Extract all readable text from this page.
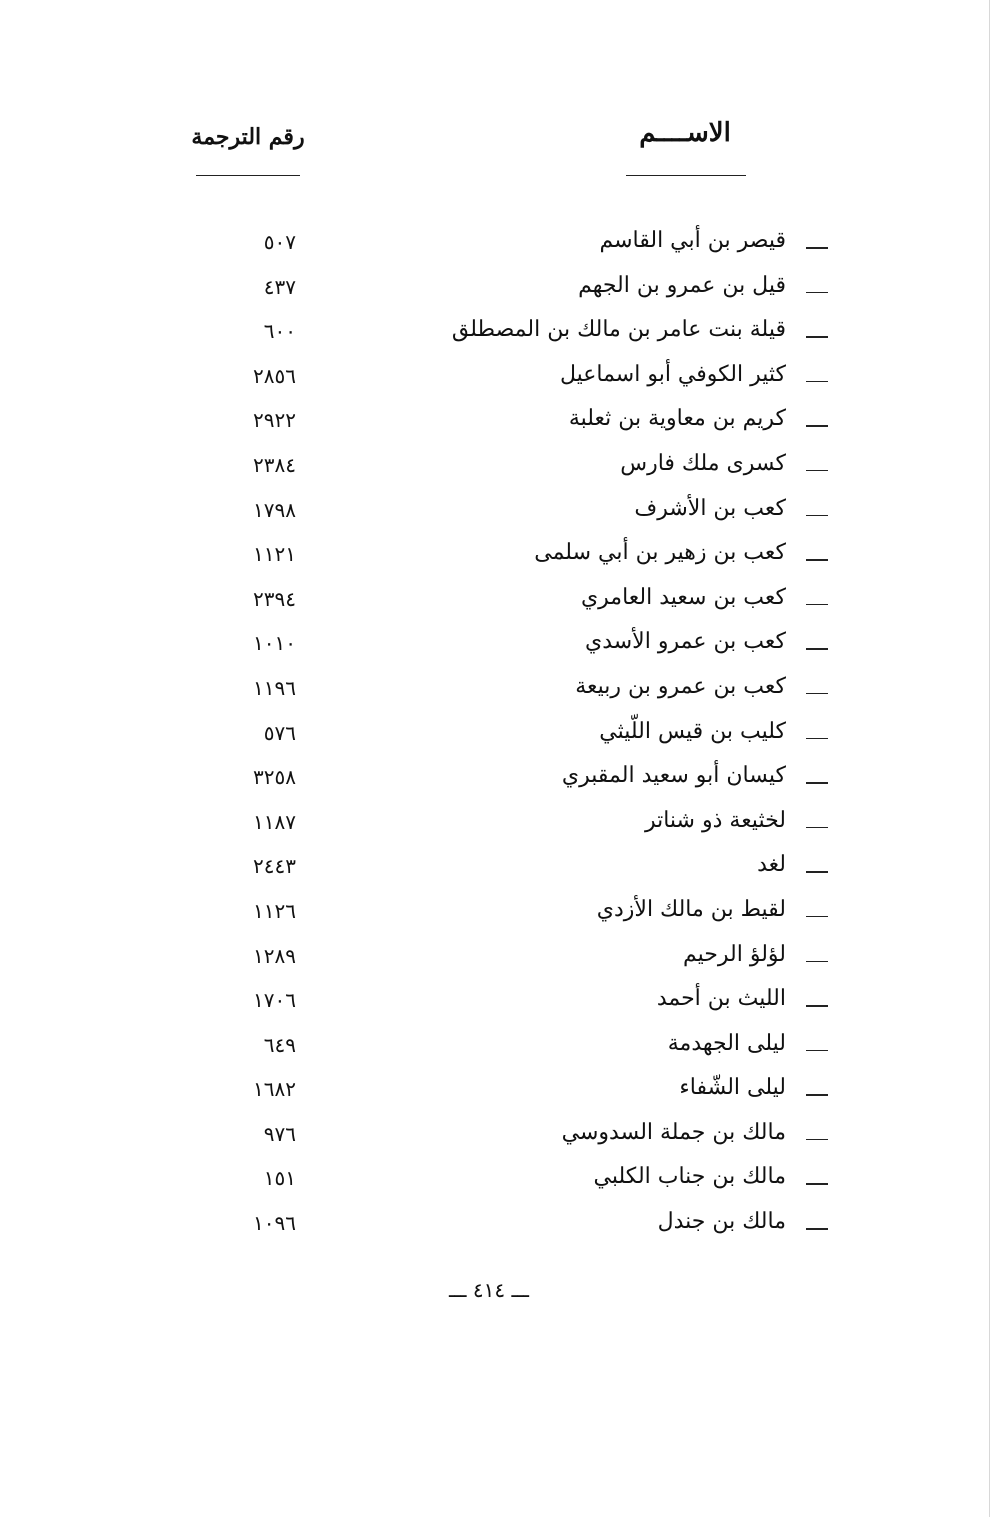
الاســــم
رقم الترجمة
قيصر بن أبي القاسم
٥٠٧
قيل بن عمرو بن الجهم
٤٣٧
قيلة بنت عامر بن مالك بن المصطلق
٦٠٠
كثير الكوفي أبو اسماعيل
٢٨٥٦
كريم بن معاوية بن ثعلبة
٢٩٢٢
كسرى ملك فارس
٢٣٨٤
كعب بن الأشرف
١٧٩٨
كعب بن زهير بن أبي سلمى
١١٢١
كعب بن سعيد العامري
٢٣٩٤
كعب بن عمرو الأسدي
١٠١٠
كعب بن عمرو بن ربيعة
١١٩٦
كليب بن قيس اللّيثي
٥٧٦
كيسان أبو سعيد المقبري
٣٢٥٨
لخثيعة ذو شناتر
١١٨٧
لغد
٢٤٤٣
لقيط بن مالك الأزدي
١١٢٦
لؤلؤ الرحيم
١٢٨٩
الليث بن أحمد
١٧٠٦
ليلى الجهدمة
٦٤٩
ليلى الشّفاء
١٦٨٢
مالك بن جملة السدوسي
٩٧٦
مالك بن جناب الكلبي
١٥١
مالك بن جندل
١٠٩٦
ـــ ٤١٤ ـــ
